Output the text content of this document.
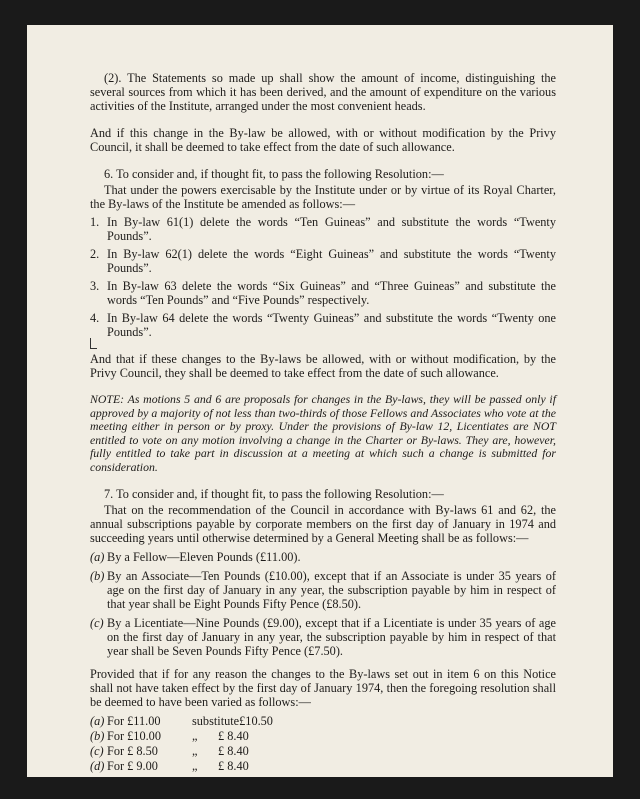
(2). The Statements so made up shall show the amount of income, distinguishing the several sources from which it has been derived, and the amount of expenditure on the various activities of the Institute, arranged under the most convenient heads.

And if this change in the By-law be allowed, with or without modification by the Privy Council, it shall be deemed to take effect from the date of such allowance.

6. To consider and, if thought fit, to pass the following Resolution:—

That under the powers exercisable by the Institute under or by virtue of its Royal Charter, the By-laws of the Institute be amended as follows:—

1. In By-law 61(1) delete the words “Ten Guineas” and substitute the words “Twenty Pounds”.
2. In By-law 62(1) delete the words “Eight Guineas” and substitute the words “Twenty Pounds”.
3. In By-law 63 delete the words “Six Guineas” and “Three Guineas” and substitute the words “Ten Pounds” and “Five Pounds” respectively.
4. In By-law 64 delete the words “Twenty Guineas” and substitute the words “Twenty one Pounds”.

And that if these changes to the By-laws be allowed, with or without modification, by the Privy Council, they shall be deemed to take effect from the date of such allowance.

NOTE: As motions 5 and 6 are proposals for changes in the By-laws, they will be passed only if approved by a majority of not less than two-thirds of those Fellows and Associates who vote at the meeting either in person or by proxy. Under the provisions of By-law 12, Licentiates are NOT entitled to vote on any motion involving a change in the Charter or By-laws. They are, however, fully entitled to take part in discussion at a meeting at which such a change is submitted for consideration.

7. To consider and, if thought fit, to pass the following Resolution:—

That on the recommendation of the Council in accordance with By-laws 61 and 62, the annual subscriptions payable by corporate members on the first day of January in 1974 and succeeding years until otherwise determined by a General Meeting shall be as follows:—

(a) By a Fellow—Eleven Pounds (£11.00).
(b) By an Associate—Ten Pounds (£10.00), except that if an Associate is under 35 years of age on the first day of January in any year, the subscription payable by him in respect of that year shall be Eight Pounds Fifty Pence (£8.50).
(c) By a Licentiate—Nine Pounds (£9.00), except that if a Licentiate is under 35 years of age on the first day of January in any year, the subscription payable by him in respect of that year shall be Seven Pounds Fifty Pence (£7.50).

Provided that if for any reason the changes to the By-laws set out in item 6 on this Notice shall not have taken effect by the first day of January 1974, then the foregoing resolution shall be deemed to have been varied as follows:—

(a) For £11.00	substitute £10.50
(b) For £10.00	„	£ 8.40
(c) For £ 8.50	„	£ 8.40
(d) For £ 9.00	„	£ 8.40
